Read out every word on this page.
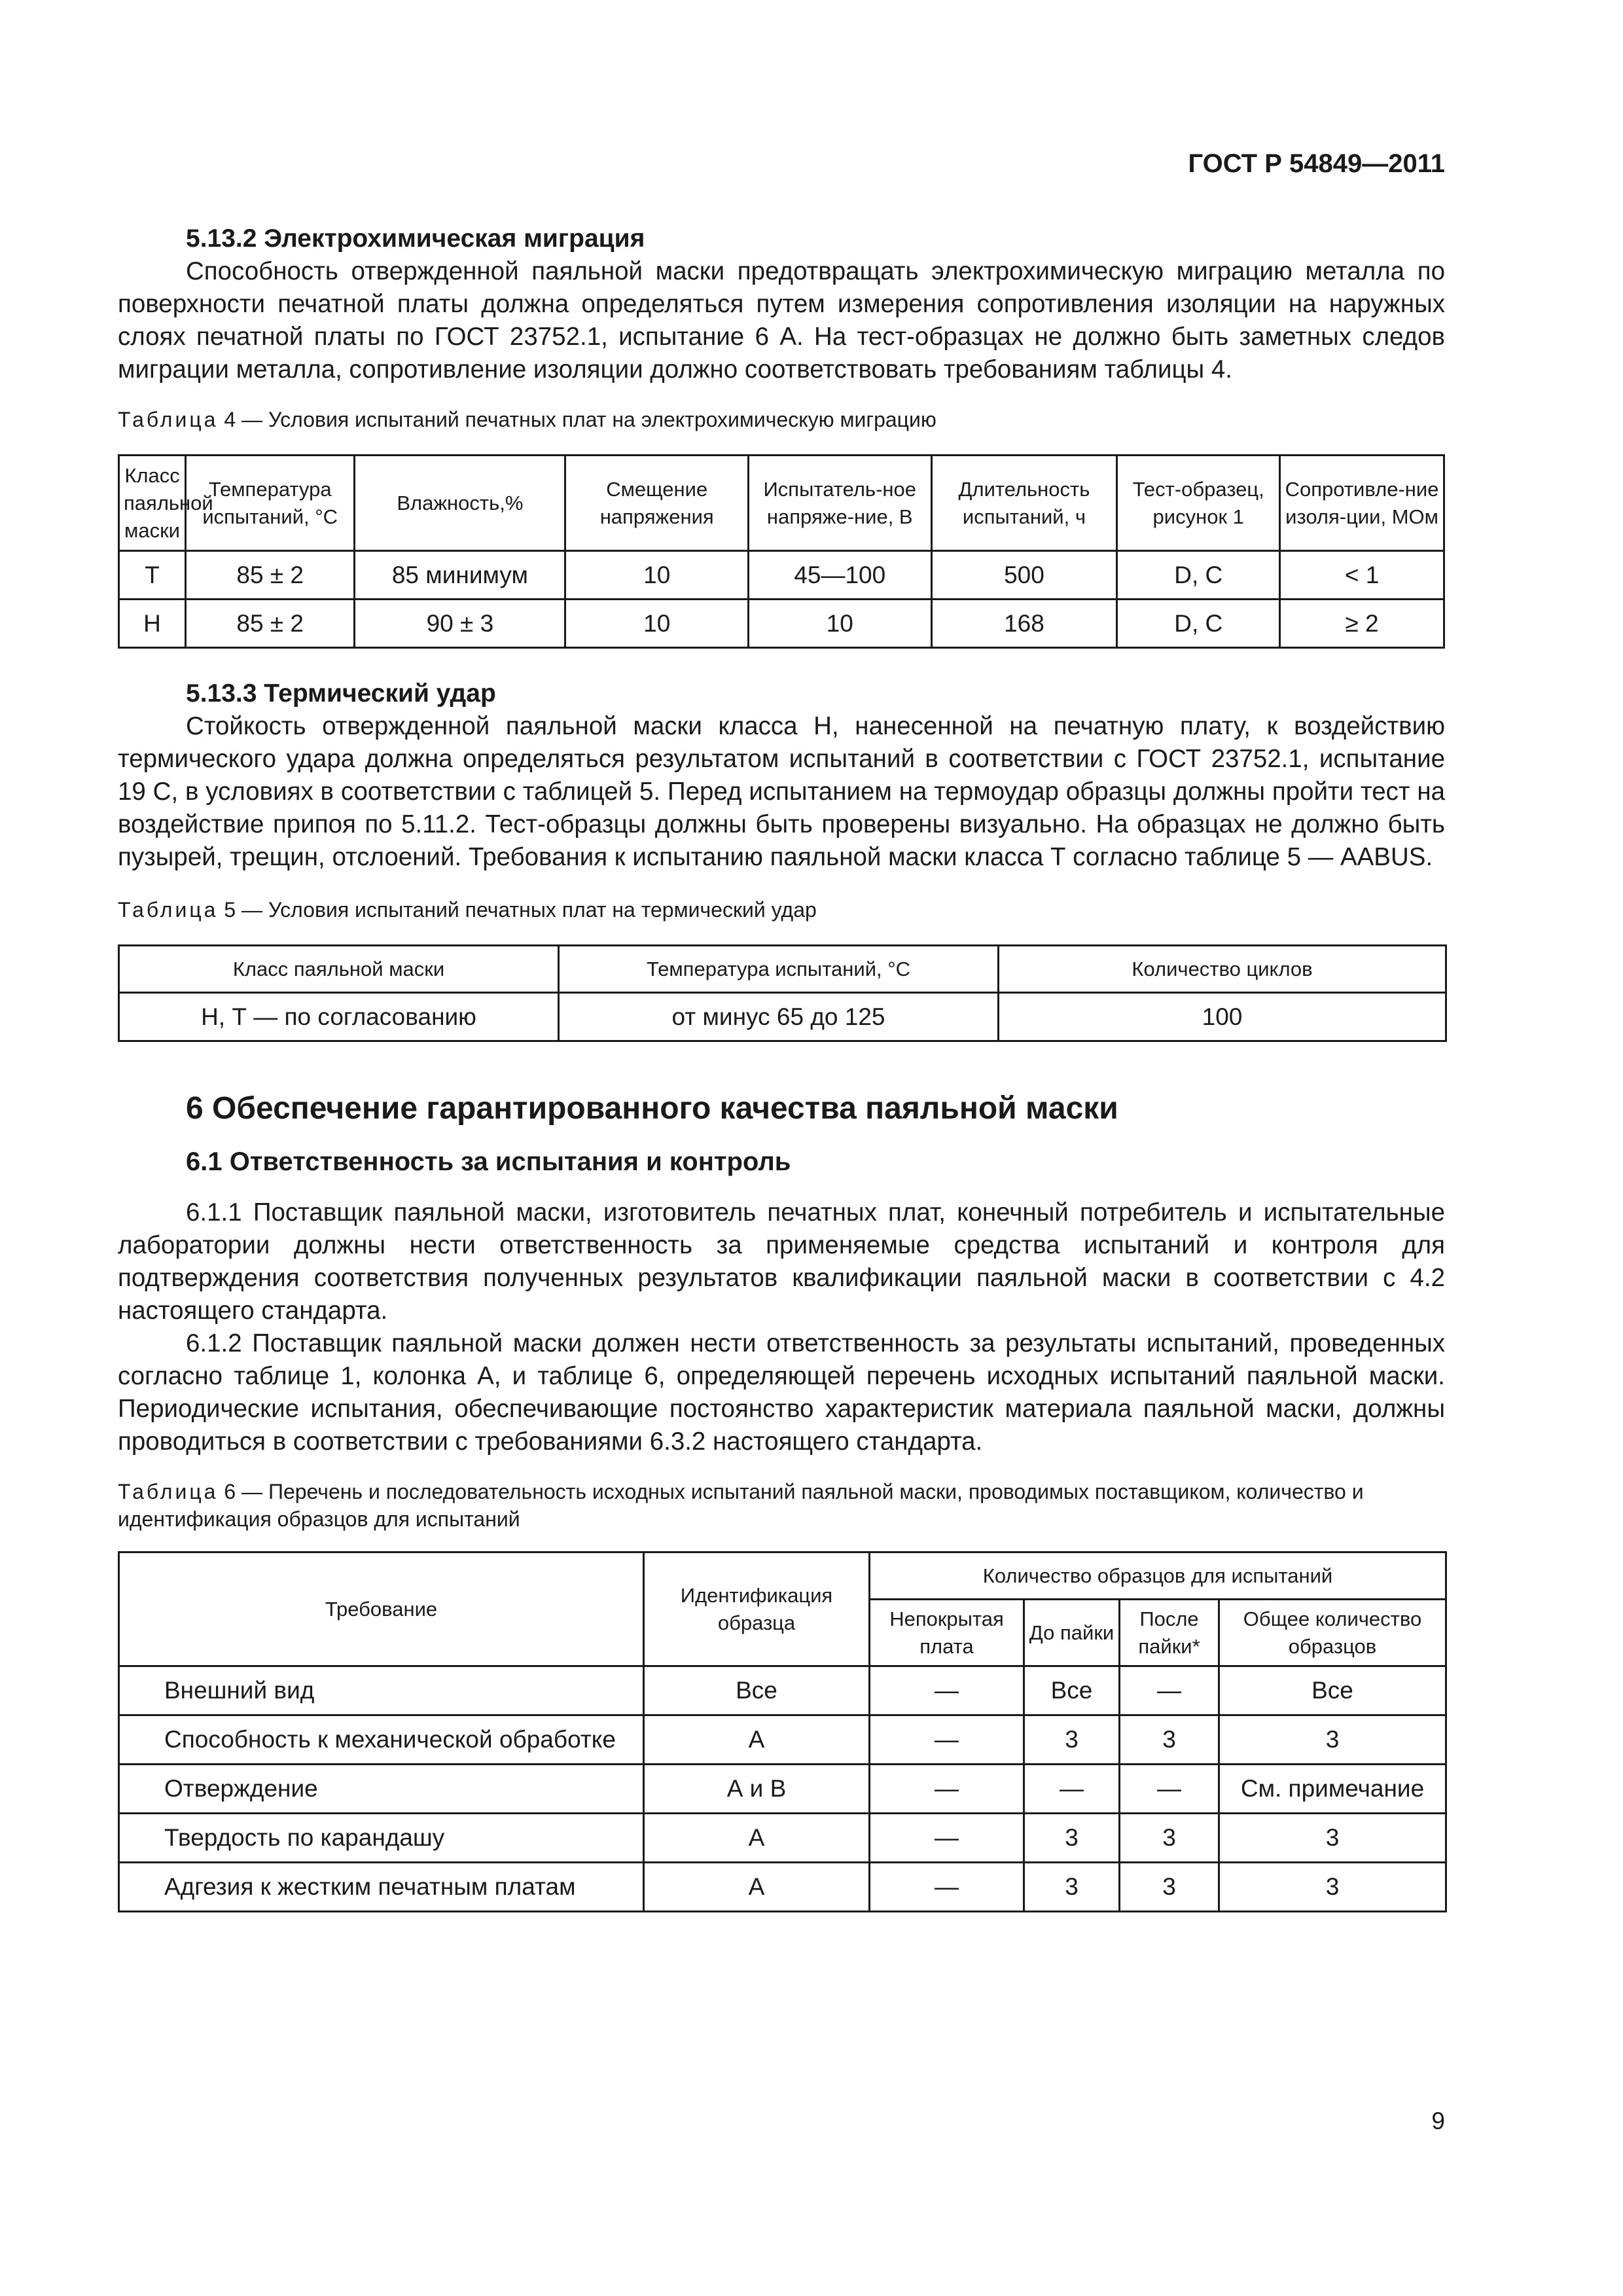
ГОСТ Р 54849—2011
5.13.2 Электрохимическая миграция

Способность отвержденной паяльной маски предотвращать электрохимическую миграцию металла по поверхности печатной платы должна определяться путем измерения сопротивления изоляции на наружных слоях печатной платы по ГОСТ 23752.1, испытание 6 А. На тест-образцах не должно быть заметных следов миграции металла, сопротивление изоляции должно соответствовать требованиям таблицы 4.

Таблица 4 — Условия испытаний печатных плат на электрохимическую миграцию

Класс паяльной маски	Температура испытаний, °С	Влажность,%	Смещение напряжения	Испытатель-ное напряже-ние, В	Длительность испытаний, ч	Тест-образец, рисунок 1	Сопротивле-ние изоля-ции, МОм
Т	85 ± 2	85 минимум	10	45—100	500	D, C	< 1
Н	85 ± 2	90 ± 3	10	10	168	D, C	≥ 2
5.13.3 Термический удар

Стойкость отвержденной паяльной маски класса Н, нанесенной на печатную плату, к воздействию термического удара должна определяться результатом испытаний в соответствии с ГОСТ 23752.1, испытание 19 С, в условиях в соответствии с таблицей 5. Перед испытанием на термоудар образцы должны пройти тест на воздействие припоя по 5.11.2. Тест-образцы должны быть проверены визуально. На образцах не должно быть пузырей, трещин, отслоений. Требования к испытанию паяльной маски класса Т согласно таблице 5 — AABUS.

Таблица 5 — Условия испытаний печатных плат на термический удар

Класс паяльной маски	Температура испытаний, °С	Количество циклов
Н, Т — по согласованию	от минус 65 до 125	100
6 Обеспечение гарантированного качества паяльной маски
6.1 Ответственность за испытания и контроль

6.1.1 Поставщик паяльной маски, изготовитель печатных плат, конечный потребитель и испытательные лаборатории должны нести ответственность за применяемые средства испытаний и контроля для подтверждения соответствия полученных результатов квалификации паяльной маски в соответствии с 4.2 настоящего стандарта.

6.1.2 Поставщик паяльной маски должен нести ответственность за результаты испытаний, проведенных согласно таблице 1, колонка А, и таблице 6, определяющей перечень исходных испытаний паяльной маски. Периодические испытания, обеспечивающие постоянство характеристик материала паяльной маски, должны проводиться в соответствии с требованиями 6.3.2 настоящего стандарта.

Таблица 6 — Перечень и последовательность исходных испытаний паяльной маски, проводимых поставщиком, количество и идентификация образцов для испытаний

Требование	Идентификация образца	Количество образцов для испытаний			
		Непокрытая плата	До пайки	После пайки*	Общее количество образцов
Внешний вид	Все	—	Все	—	Все
Способность к механической обработке	А	—	3	3	3
Отверждение	А и В	—	—	—	См. примечание
Твердость по карандашу	А	—	3	3	3
Адгезия к жестким печатным платам	А	—	3	3	3
9
